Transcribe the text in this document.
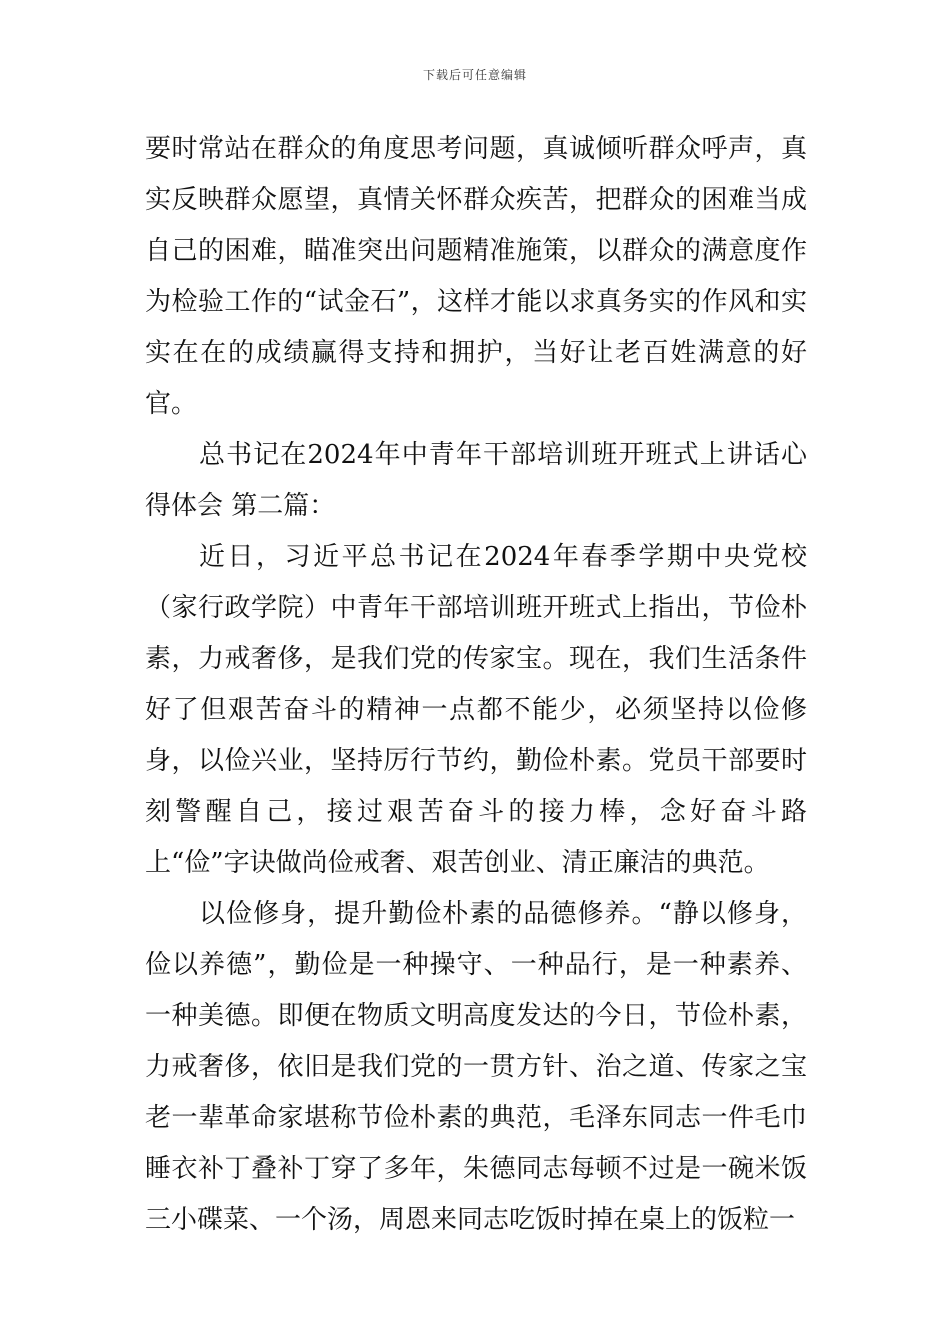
下载后可任意编辑

要时常站在群众的角度思考问题，真诚倾听群众呼声，真实反映群众愿望，真情关怀群众疾苦，把群众的困难当成自己的困难，瞄准突出问题精准施策，以群众的满意度作为检验工作的“试金石”，这样才能以求真务实的作风和实实在在的成绩赢得支持和拥护，当好让老百姓满意的好官。

总书记在2024年中青年干部培训班开班式上讲话心得体会 第二篇：

近日，习近平总书记在2024年春季学期中央党校（家行政学院）中青年干部培训班开班式上指出，节俭朴素，力戒奢侈，是我们党的传家宝。现在，我们生活条件好了但艰苦奋斗的精神一点都不能少，必须坚持以俭修身，以俭兴业，坚持厉行节约，勤俭朴素。党员干部要时刻警醒自己，接过艰苦奋斗的接力棒，念好奋斗路上“俭”字诀做尚俭戒奢、艰苦创业、清正廉洁的典范。

以俭修身，提升勤俭朴素的品德修养。“静以修身，俭以养德”，勤俭是一种操守、一种品行，是一种素养、一种美德。即便在物质文明高度发达的今日，节俭朴素，力戒奢侈，依旧是我们党的一贯方针、治之道、传家之宝老一辈革命家堪称节俭朴素的典范，毛泽东同志一件毛巾睡衣补丁叠补丁穿了多年，朱德同志每顿不过是一碗米饭三小碟菜、一个汤，周恩来同志吃饭时掉在桌上的饭粒一
